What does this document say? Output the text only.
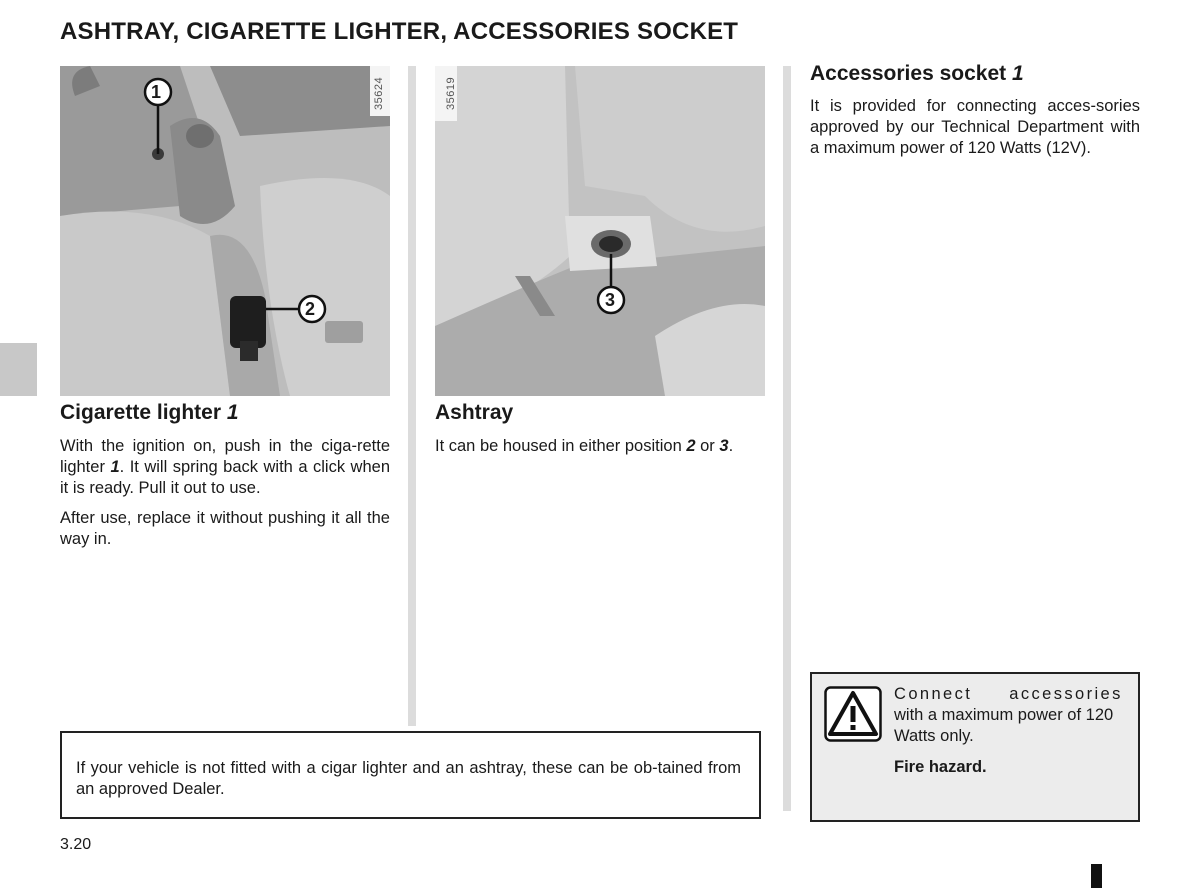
ASHTRAY, CIGARETTE LIGHTER, ACCESSORIES SOCKET
1
2
35624
3
35619
Cigarette lighter 1

With the ignition on, push in the ciga-rette lighter 1. It will spring back with a click when it is ready. Pull it out to use.

After use, replace it without pushing it all the way in.

Ashtray

It can be housed in either position 2 or 3.

Accessories socket 1

It is provided for connecting acces-sories approved by our Technical Department with a maximum power of 120 Watts (12V).

If your vehicle is not fitted with a cigar lighter and an ashtray, these can be ob-tained from an approved Dealer.

Connect accessories
with a maximum power of 120 Watts only.
Fire hazard.
3.20
